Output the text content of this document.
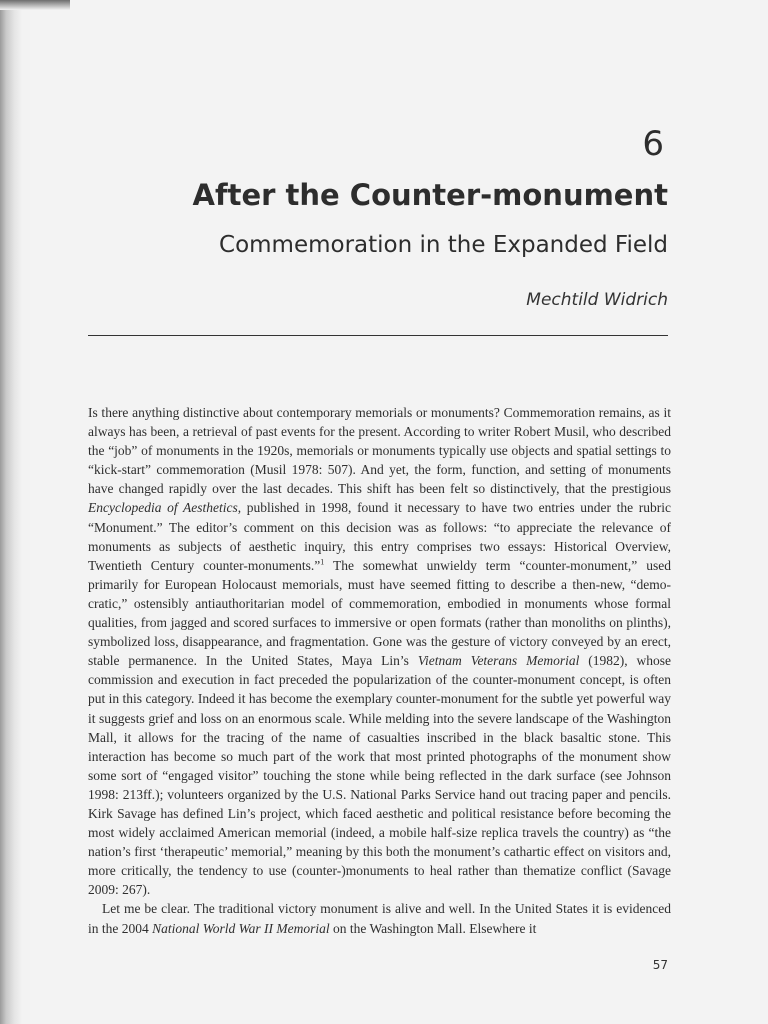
6
After the Counter-monument
Commemoration in the Expanded Field
Mechtild Widrich

Is there anything distinctive about contemporary memorials or monuments? Commemoration remains, as it always has been, a retrieval of past events for the present. According to writer Robert Musil, who described the “job” of monuments in the 1920s, memorials or monuments typically use objects and spatial settings to “kick-start” commemoration (Musil 1978: 507). And yet, the form, function, and setting of monuments have changed rapidly over the last decades. This shift has been felt so distinctively, that the prestigious Encyclopedia of Aesthetics, published in 1998, found it necessary to have two entries under the rubric “Monument.” The editor’s comment on this decision was as follows: “to appreciate the relevance of monuments as subjects of aesthetic inquiry, this entry comprises two essays: Historical Overview, Twentieth Century counter-monuments.”$^1$ The somewhat unwieldy term “counter-monument,” used primarily for European Holocaust memorials, must have seemed fitting to describe a then-new, “demo-cratic,” ostensibly antiauthoritarian model of commemoration, embodied in monuments whose formal qualities, from jagged and scored surfaces to immersive or open formats (rather than monoliths on plinths), symbolized loss, disappearance, and fragmentation. Gone was the gesture of victory conveyed by an erect, stable permanence. In the United States, Maya Lin’s Vietnam Veterans Memorial (1982), whose commission and execution in fact preceded the popularization of the counter-monument concept, is often put in this category. Indeed it has become the exemplary counter-monument for the subtle yet powerful way it suggests grief and loss on an enormous scale. While melding into the severe landscape of the Washington Mall, it allows for the tracing of the name of casualties inscribed in the black basaltic stone. This interaction has become so much part of the work that most printed photographs of the monument show some sort of “engaged visitor” touching the stone while being reflected in the dark surface (see Johnson 1998: 213ff.); volunteers organized by the U.S. National Parks Service hand out tracing paper and pencils. Kirk Savage has defined Lin’s project, which faced aesthetic and political resistance before becoming the most widely acclaimed American memorial (indeed, a mobile half-size replica travels the country) as “the nation’s first ‘therapeutic’ memorial,” meaning by this both the monument’s cathartic effect on visitors and, more critically, the tendency to use (counter-)monuments to heal rather than thematize conflict (Savage 2009: 267).

Let me be clear. The traditional victory monument is alive and well. In the United States it is evidenced in the 2004 National World War II Memorial on the Washington Mall. Elsewhere it

57
